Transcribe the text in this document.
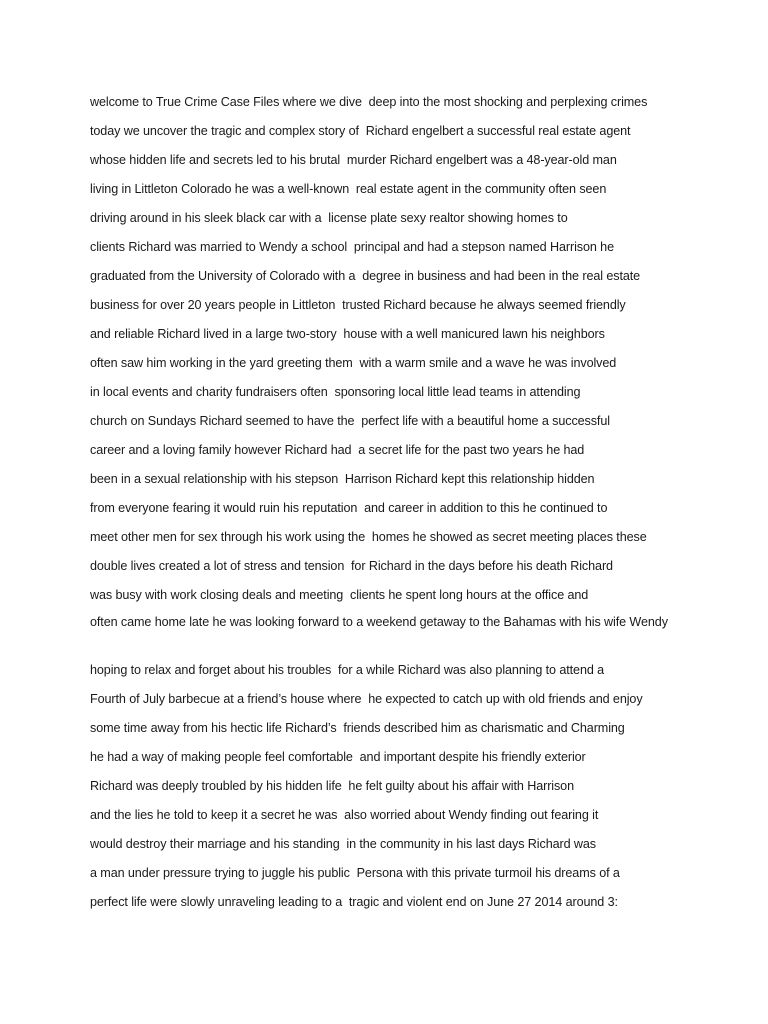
welcome to True Crime Case Files where we dive  deep into the most shocking and perplexing crimes
today we uncover the tragic and complex story of  Richard engelbert a successful real estate agent
whose hidden life and secrets led to his brutal  murder Richard engelbert was a 48-year-old man
living in Littleton Colorado he was a well-known  real estate agent in the community often seen
driving around in his sleek black car with a  license plate sexy realtor showing homes to
clients Richard was married to Wendy a school  principal and had a stepson named Harrison he
graduated from the University of Colorado with a  degree in business and had been in the real estate
business for over 20 years people in Littleton  trusted Richard because he always seemed friendly
and reliable Richard lived in a large two-story  house with a well manicured lawn his neighbors
often saw him working in the yard greeting them  with a warm smile and a wave he was involved
in local events and charity fundraisers often  sponsoring local little lead teams in attending
church on Sundays Richard seemed to have the  perfect life with a beautiful home a successful
career and a loving family however Richard had  a secret life for the past two years he had
been in a sexual relationship with his stepson  Harrison Richard kept this relationship hidden
from everyone fearing it would ruin his reputation  and career in addition to this he continued to
meet other men for sex through his work using the  homes he showed as secret meeting places these
double lives created a lot of stress and tension  for Richard in the days before his death Richard
was busy with work closing deals and meeting  clients he spent long hours at the office and
often came home late he was looking forward to a weekend getaway to the Bahamas with his wife Wendy
hoping to relax and forget about his troubles  for a while Richard was also planning to attend a
Fourth of July barbecue at a friend’s house where  he expected to catch up with old friends and enjoy
some time away from his hectic life Richard’s  friends described him as charismatic and Charming
he had a way of making people feel comfortable  and important despite his friendly exterior
Richard was deeply troubled by his hidden life  he felt guilty about his affair with Harrison
and the lies he told to keep it a secret he was  also worried about Wendy finding out fearing it
would destroy their marriage and his standing  in the community in his last days Richard was
a man under pressure trying to juggle his public  Persona with this private turmoil his dreams of a
perfect life were slowly unraveling leading to a  tragic and violent end on June 27 2014 around 3:
